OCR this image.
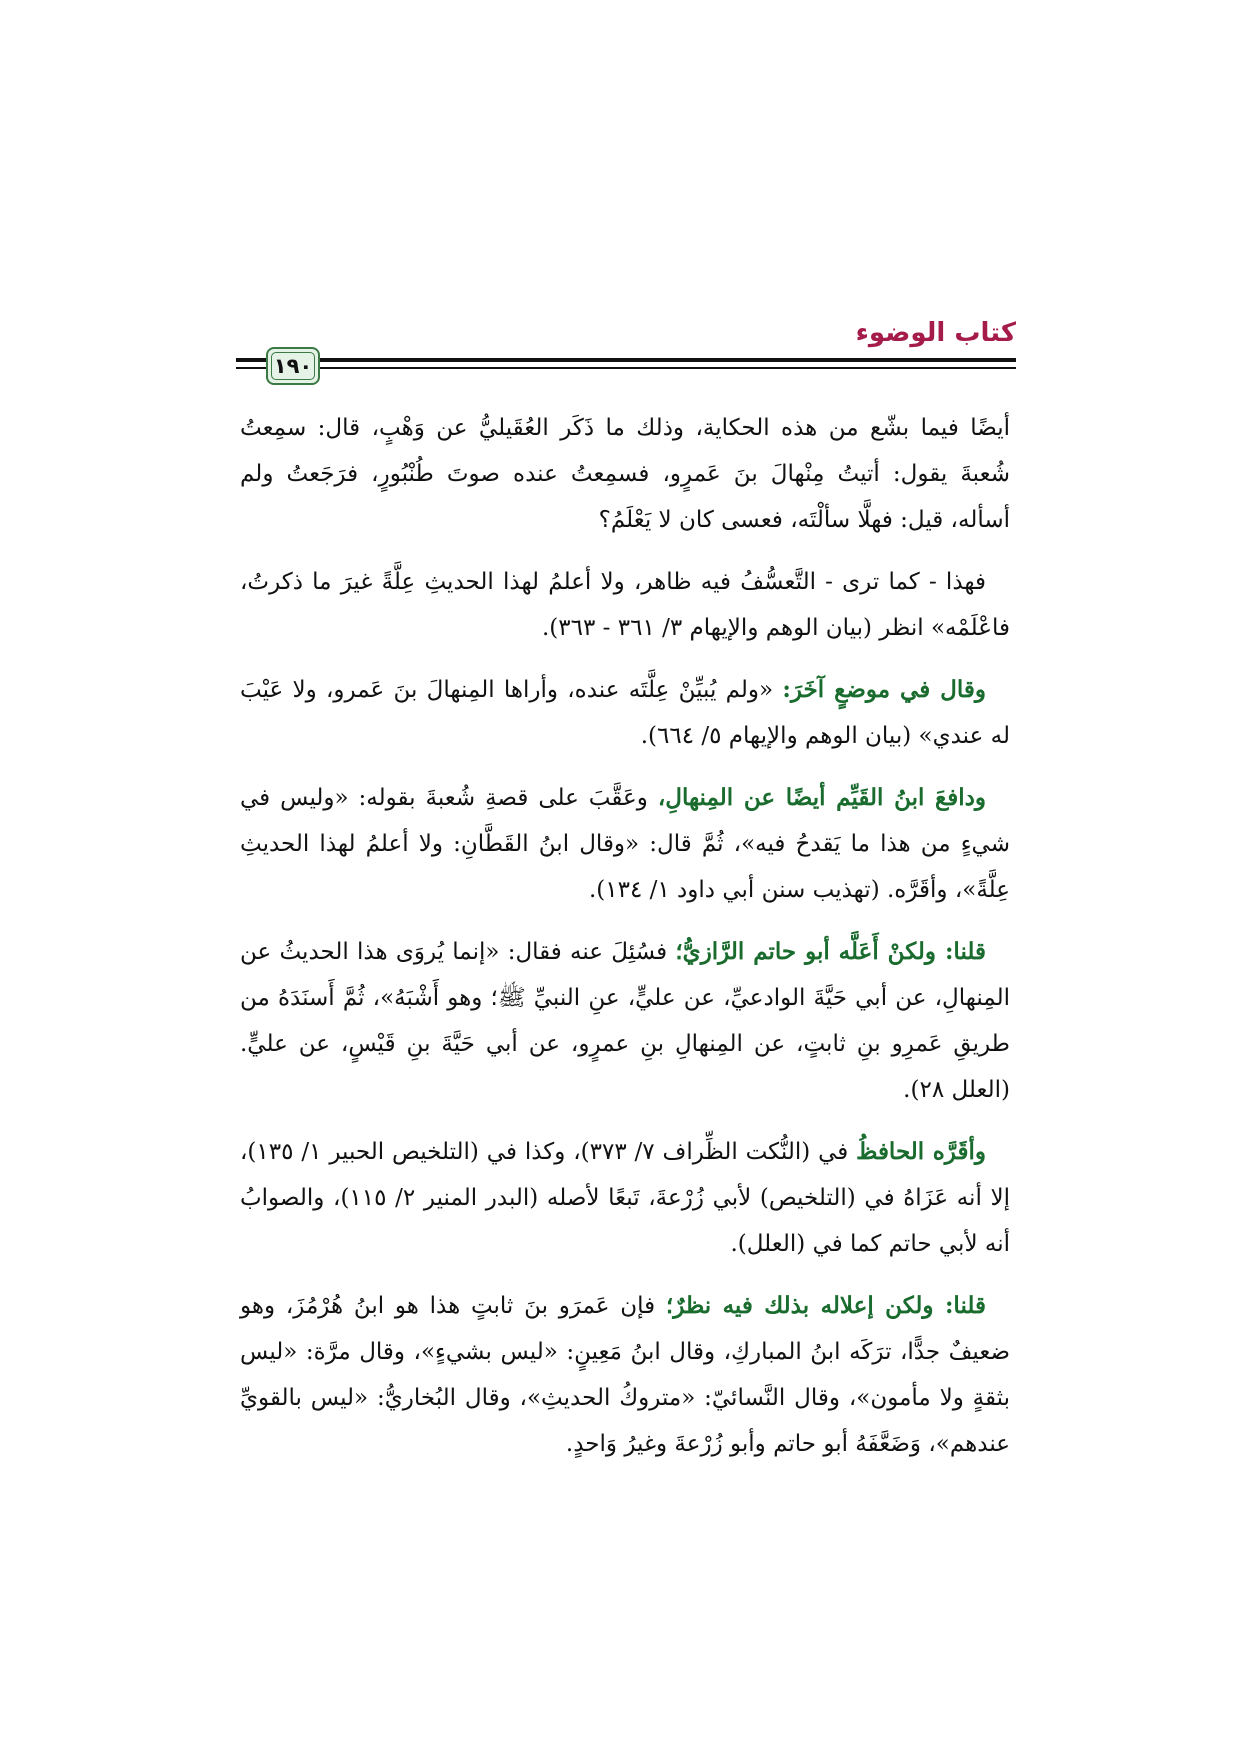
كتاب الوضوء
١٩٠

أيضًا فيما بشّع من هذه الحكاية، وذلك ما ذَكَر العُقَيليُّ عن وَهْبٍ، قال: سمِعتُ شُعبةَ يقول: أتيتُ مِنْهالَ بنَ عَمرٍو، فسمِعتُ عنده صوتَ طُنْبُورٍ، فرَجَعتُ ولم أسأله، قيل: فهلَّا سألْتَه، فعسى كان لا يَعْلَمُ؟

فهذا - كما ترى - التَّعسُّفُ فيه ظاهر، ولا أعلمُ لهذا الحديثِ عِلَّةً غيرَ ما ذكرتُ، فاعْلَمْه» انظر (بيان الوهم والإيهام ٣/ ٣٦١ - ٣٦٣).

وقال في موضعٍ آخَرَ: «ولم يُبيِّنْ عِلَّتَه عنده، وأراها المِنهالَ بنَ عَمرو، ولا عَيْبَ له عندي» (بيان الوهم والإيهام ٥/ ٦٦٤).

ودافعَ ابنُ القَيِّم أيضًا عن المِنهالِ، وعَقَّبَ على قصةِ شُعبةَ بقوله: «وليس في شيءٍ من هذا ما يَقدحُ فيه»، ثُمَّ قال: «وقال ابنُ القَطَّانِ: ولا أعلمُ لهذا الحديثِ عِلَّةً»، وأقَرَّه. (تهذيب سنن أبي داود ١/ ١٣٤).

قلنا: ولكنْ أَعَلَّه أبو حاتم الرَّازيُّ؛ فسُئِلَ عنه فقال: «إنما يُروَى هذا الحديثُ عن المِنهالِ، عن أبي حَيَّةَ الوادعيِّ، عن عليٍّ، عنِ النبيِّ ﷺ؛ وهو أَشْبَهُ»، ثُمَّ أَسنَدَهُ من طريقِ عَمرِو بنِ ثابتٍ، عن المِنهالِ بنِ عمرٍو، عن أبي حَيَّةَ بنِ قَيْسٍ، عن عليٍّ. (العلل ٢٨).

وأقَرَّه الحافظُ في (النُّكت الظِّراف ٧/ ٣٧٣)، وكذا في (التلخيص الحبير ١/ ١٣٥)، إلا أنه عَزَاهُ في (التلخيص) لأبي زُرْعةَ، تَبعًا لأصله (البدر المنير ٢/ ١١٥)، والصوابُ أنه لأبي حاتم كما في (العلل).

قلنا: ولكن إعلاله بذلك فيه نظرٌ؛ فإن عَمرَو بنَ ثابتٍ هذا هو ابنُ هُرْمُزَ، وهو ضعيفٌ جدًّا، ترَكَه ابنُ المباركِ، وقال ابنُ مَعِينٍ: «ليس بشيءٍ»، وقال مرَّة: «ليس بثقةٍ ولا مأمون»، وقال النَّسائيّ: «متروكُ الحديثِ»، وقال البُخاريُّ: «ليس بالقويِّ عندهم»، وَضَعَّفَهُ أبو حاتم وأبو زُرْعةَ وغيرُ وَاحدٍ.
